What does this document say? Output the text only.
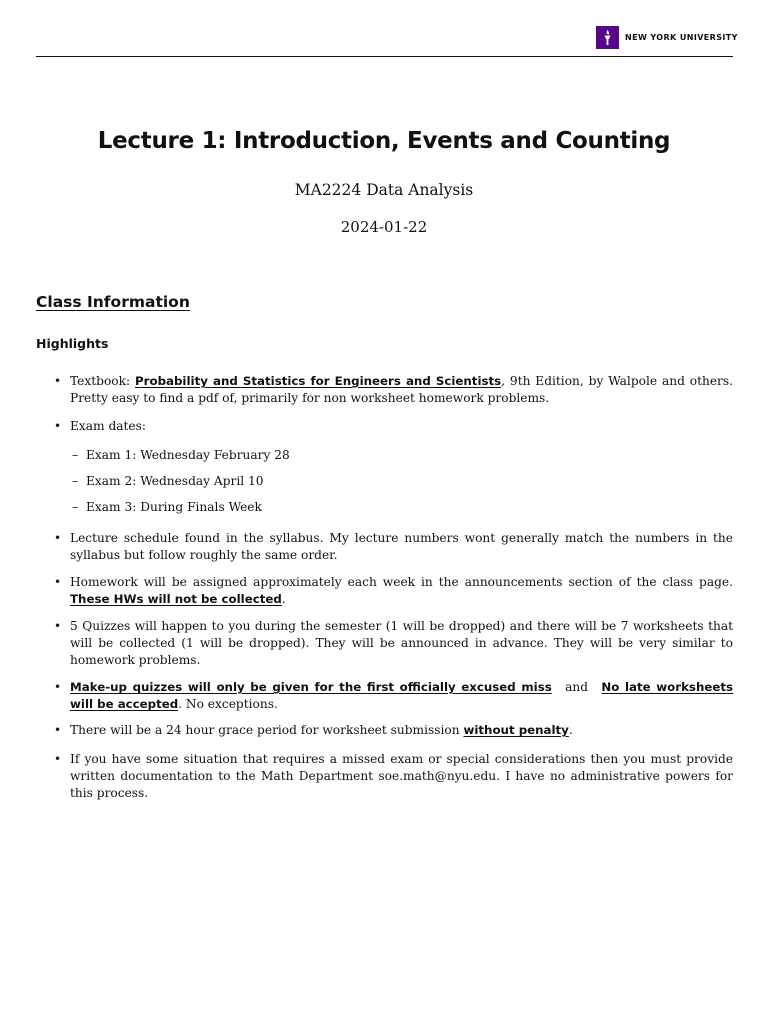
NEW YORK UNIVERSITY
Lecture 1: Introduction, Events and Counting
MA2224 Data Analysis
2024-01-22
Class Information
Highlights
• Textbook: Probability and Statistics for Engineers and Scientists, 9th Edition, by Walpole and others. Pretty easy to find a pdf of, primarily for non worksheet homework problems.
• Exam dates:
– Exam 1: Wednesday February 28
– Exam 2: Wednesday April 10
– Exam 3: During Finals Week
• Lecture schedule found in the syllabus. My lecture numbers wont generally match the numbers in the syllabus but follow roughly the same order.
• Homework will be assigned approximately each week in the announcements section of the class page. These HWs will not be collected.
• 5 Quizzes will happen to you during the semester (1 will be dropped) and there will be 7 worksheets that will be collected (1 will be dropped). They will be announced in advance. They will be very similar to homework problems.
• Make-up quizzes will only be given for the first officially excused miss and No late worksheets will be accepted. No exceptions.
• There will be a 24 hour grace period for worksheet submission without penalty.
• If you have some situation that requires a missed exam or special considerations then you must provide written documentation to the Math Department soe.math@nyu.edu. I have no administrative powers for this process.
